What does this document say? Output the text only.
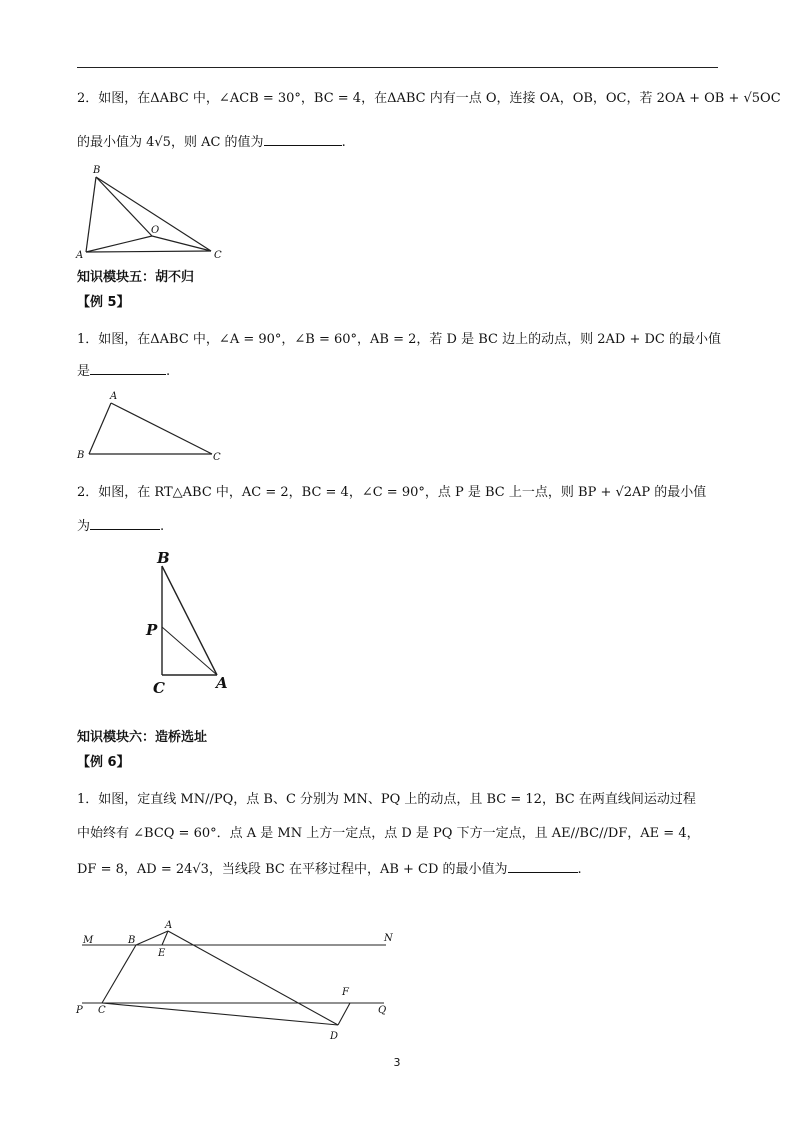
2．如图，在ΔABC 中，∠ACB = 30°，BC = 4，在ΔABC 内有一点 O，连接 OA，OB，OC，若 2OA + OB + √5OC
的最小值为 4√5，则 AC 的值为	.
B
O
A	C
知识模块五：胡不归
【例 5】
1．如图，在ΔABC 中，∠A = 90°，∠B = 60°，AB = 2，若 D 是 BC 边上的动点，则 2AD + DC 的最小值
是	.
A
B	C
2．如图，在 RT△ABC 中，AC = 2，BC = 4，∠C = 90°，点 P 是 BC 上一点，则 BP + √2AP 的最小值
为	.
B
P
C	A
知识模块六：造桥选址
【例 6】
1．如图，定直线 MN//PQ，点 B、C 分别为 MN、PQ 上的动点，且 BC = 12，BC 在两直线间运动过程
中始终有 ∠BCQ = 60°．点 A 是 MN 上方一定点，点 D 是 PQ 下方一定点，且 AE//BC//DF，AE = 4，
DF = 8，AD = 24√3，当线段 BC 在平移过程中，AB + CD 的最小值为	.
M	B
A
E
N
P C
F
Q
D
3
